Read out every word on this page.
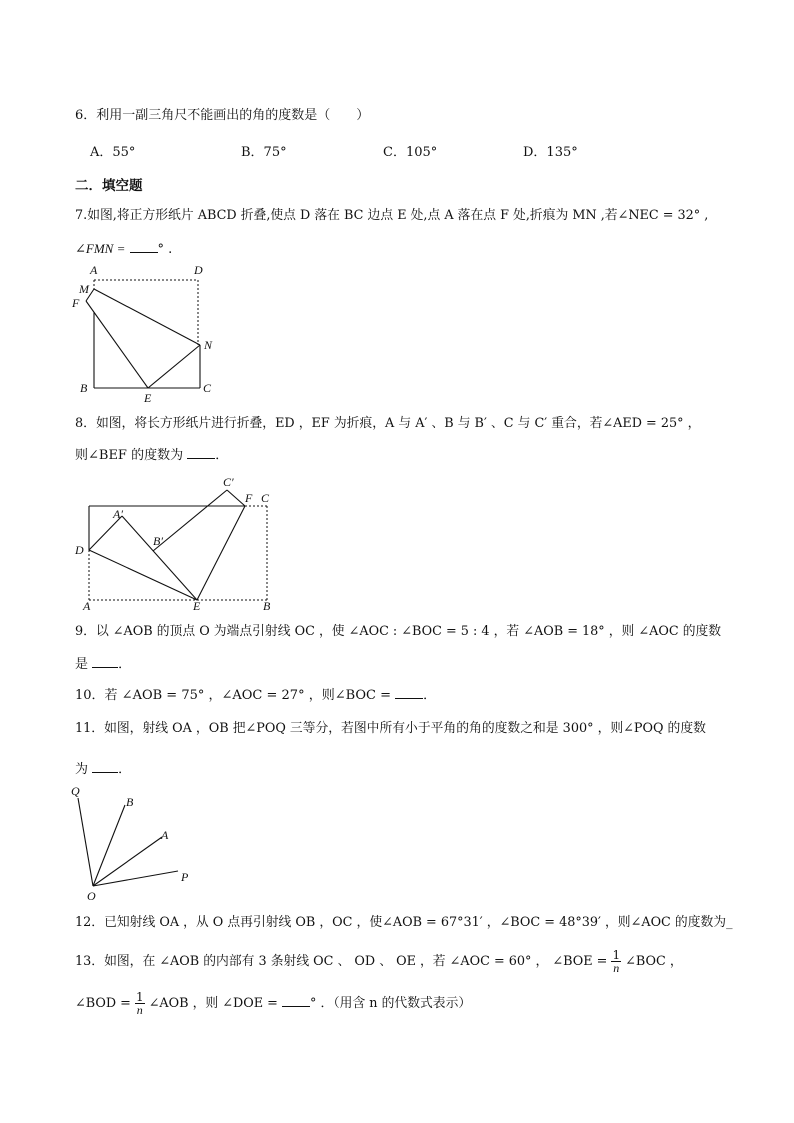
6．利用一副三角尺不能画出的角的度数是（　　）
A．55°	B．75°	C．105°	D．135°
二．填空题
7.如图,将正方形纸片 ABCD 折叠,使点 D 落在 BC 边点 E 处,点 A 落在点 F 处,折痕为 MN ,若∠NEC = 32° ,
∠FMN = ° .
A	D
M
F
N
B
E
C
8．如图，将长方形纸片进行折叠，ED ，EF 为折痕，A 与 A′ 、B 与 B′ 、C 与 C′ 重合，若∠AED = 25° ，
则∠BEF 的度数为 ．
C′
F C
A′
B′
D
A	E	B
9．以 ∠AOB 的顶点 O 为端点引射线 OC ，使 ∠AOC : ∠BOC = 5 : 4 ，若 ∠AOB = 18° ，则 ∠AOC 的度数
是 ．
10．若 ∠AOB = 75° ，∠AOC = 27° ，则∠BOC = ．
11．如图，射线 OA ，OB 把∠POQ 三等分，若图中所有小于平角的角的度数之和是 300° ，则∠POQ 的度数
为 ．
Q
B
A
P
O
12．已知射线 OA ，从 O 点再引射线 OB ，OC ，使∠AOB = 67°31′ ，∠BOC = 48°39′ ，则∠AOC 的度数为_
13．如图，在 ∠AOB 的内部有 3 条射线 OC 、 OD 、 OE ，若 ∠AOC = 60° ， ∠BOE = $\frac{1}{n}$ ∠BOC ，
∠BOD = $\frac{1}{n}$ ∠AOB ，则 ∠DOE =	° ．（用含 n 的代数式表示）
